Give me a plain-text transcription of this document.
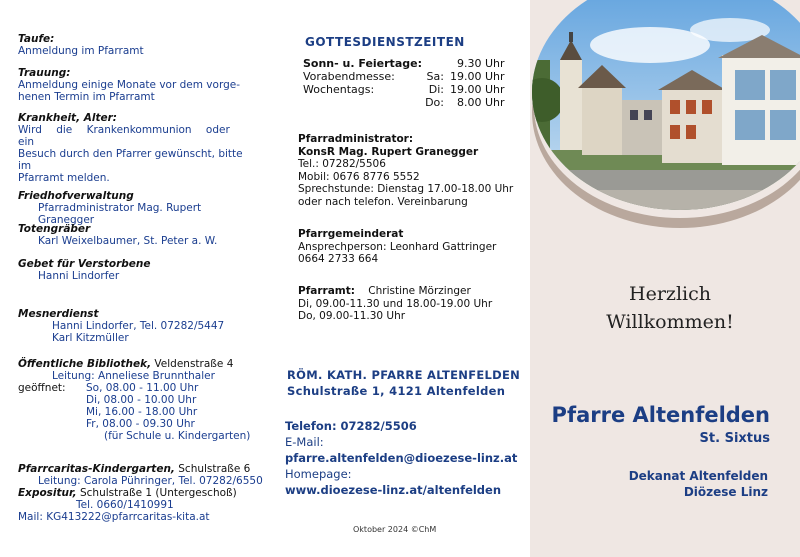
Taufe:
Anmeldung im Pfarramt
Trauung:
Anmeldung einige Monate vor dem vorge-
henen Termin im Pfarramt
Krankheit, Alter:
Wird die Krankenkommunion oder ein
Besuch durch den Pfarrer gewünscht, bitte im
Pfarramt melden.
Friedhofverwaltung
Pfarradministrator Mag. Rupert Granegger
Totengräber
Karl Weixelbaumer, St. Peter a. W.
Gebet für Verstorbene
Hanni Lindorfer
Mesnerdienst
Hanni Lindorfer, Tel. 07282/5447
Karl Kitzmüller
Öffentliche Bibliothek, Veldenstraße 4
Leitung: Anneliese Brunnthaler
geöffnet:	So, 08.00 - 11.00 Uhr
Di, 08.00 - 10.00 Uhr
Mi, 16.00 - 18.00 Uhr
Fr, 08.00 - 09.30 Uhr
(für Schule u. Kindergarten)
Pfarrcaritas-Kindergarten, Schulstraße 6
Leitung: Carola Pühringer, Tel. 07282/6550
Expositur, Schulstraße 1 (Untergeschoß)
Tel. 0660/1410991
Mail: KG413222@pfarrcaritas-kita.at
GOTTESDIENSTZEITEN
Sonn- u. Feiertage:		9.30 Uhr
Vorabendmesse:	Sa:	19.00 Uhr
Wochentags:	Di:	19.00 Uhr
	Do:	8.00 Uhr
Pfarradministrator:
KonsR Mag. Rupert Granegger
Tel.: 07282/5506
Mobil: 0676 8776 5552
Sprechstunde: Dienstag 17.00-18.00 Uhr
oder nach telefon. Vereinbarung
Pfarrgemeinderat
Ansprechperson: Leonhard Gattringer
0664 2733 664
Pfarramt:    Christine Mörzinger
Di, 09.00-11.30 und 18.00-19.00 Uhr
Do, 09.00-11.30 Uhr
RÖM. KATH. PFARRE ALTENFELDEN
Schulstraße 1, 4121 Altenfelden
Telefon: 07282/5506
E-Mail:
pfarre.altenfelden@dioezese-linz.at
Homepage:
www.dioezese-linz.at/altenfelden
Oktober 2024 ©ChM
Herzlich
Willkommen!
Pfarre Altenfelden
St. Sixtus
Dekanat Altenfelden
Diözese Linz
